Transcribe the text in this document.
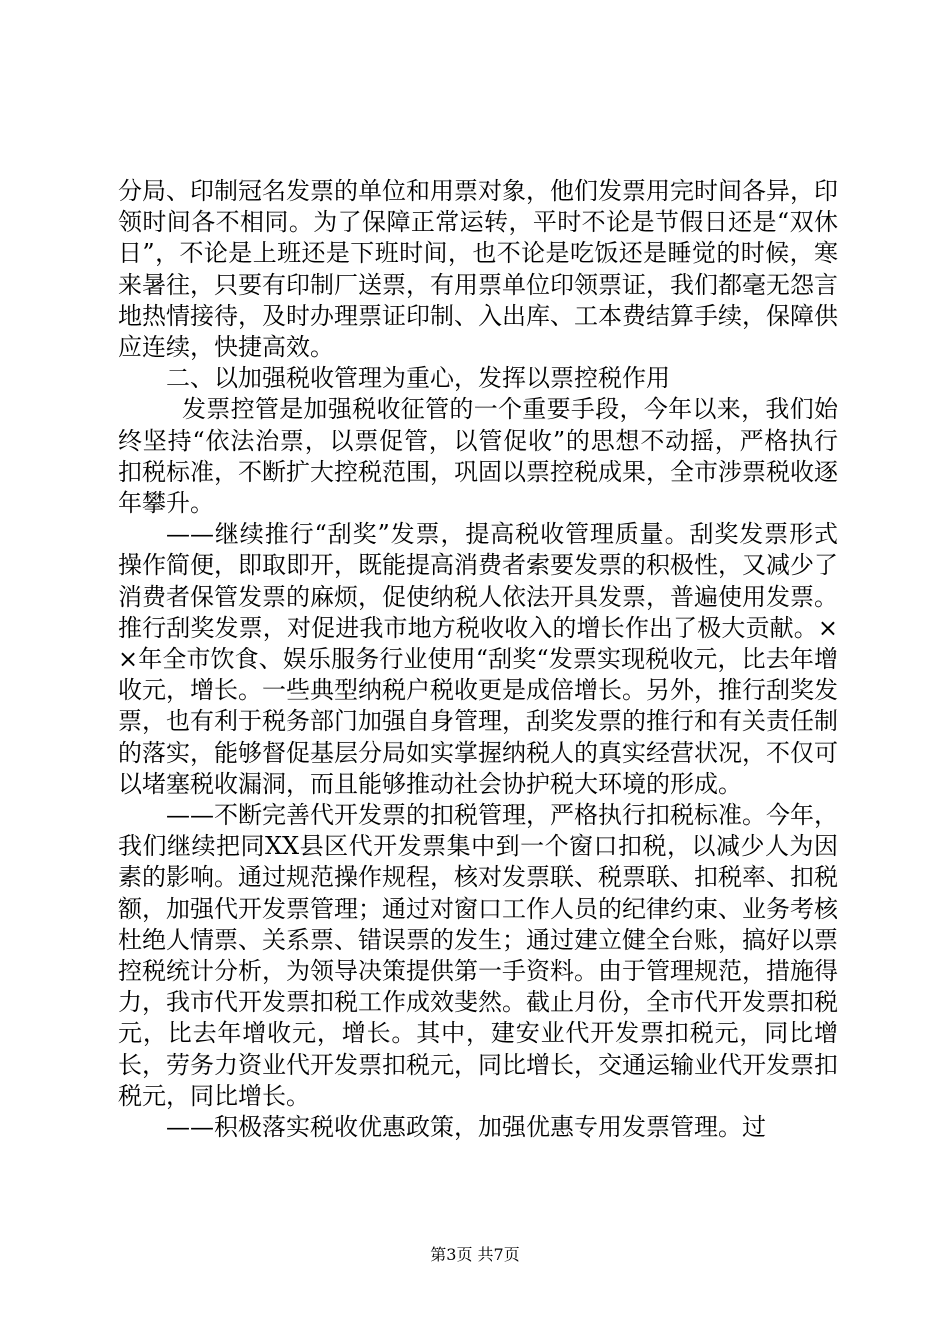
分局、印制冠名发票的单位和用票对象，他们发票用完时间各异，印领时间各不相同。为了保障正常运转，平时不论是节假日还是“双休日”，不论是上班还是下班时间，也不论是吃饭还是睡觉的时候，寒来暑往，只要有印制厂送票，有用票单位印领票证，我们都毫无怨言地热情接待，及时办理票证印制、入出库、工本费结算手续，保障供应连续，快捷高效。

二、以加强税收管理为重心，发挥以票控税作用

发票控管是加强税收征管的一个重要手段，今年以来，我们始终坚持“依法治票，以票促管，以管促收”的思想不动摇，严格执行扣税标准，不断扩大控税范围，巩固以票控税成果，全市涉票税收逐年攀升。

——继续推行“刮奖”发票，提高税收管理质量。刮奖发票形式操作简便，即取即开，既能提高消费者索要发票的积极性，又减少了消费者保管发票的麻烦，促使纳税人依法开具发票，普遍使用发票。推行刮奖发票，对促进我市地方税收收入的增长作出了极大贡献。××年全市饮食、娱乐服务行业使用“刮奖“发票实现税收元，比去年增收元，增长。一些典型纳税户税收更是成倍增长。另外，推行刮奖发票，也有利于税务部门加强自身管理，刮奖发票的推行和有关责任制的落实，能够督促基层分局如实掌握纳税人的真实经营状况，不仅可以堵塞税收漏洞，而且能够推动社会协护税大环境的形成。

——不断完善代开发票的扣税管理，严格执行扣税标准。今年，我们继续把同XX县区代开发票集中到一个窗口扣税，以减少人为因素的影响。通过规范操作规程，核对发票联、税票联、扣税率、扣税额，加强代开发票管理；通过对窗口工作人员的纪律约束、业务考核杜绝人情票、关系票、错误票的发生；通过建立健全台账，搞好以票控税统计分析，为领导决策提供第一手资料。由于管理规范，措施得力，我市代开发票扣税工作成效斐然。截止月份，全市代开发票扣税元，比去年增收元，增长。其中，建安业代开发票扣税元，同比增长，劳务力资业代开发票扣税元，同比增长，交通运输业代开发票扣税元，同比增长。

——积极落实税收优惠政策，加强优惠专用发票管理。过

第3页 共7页
